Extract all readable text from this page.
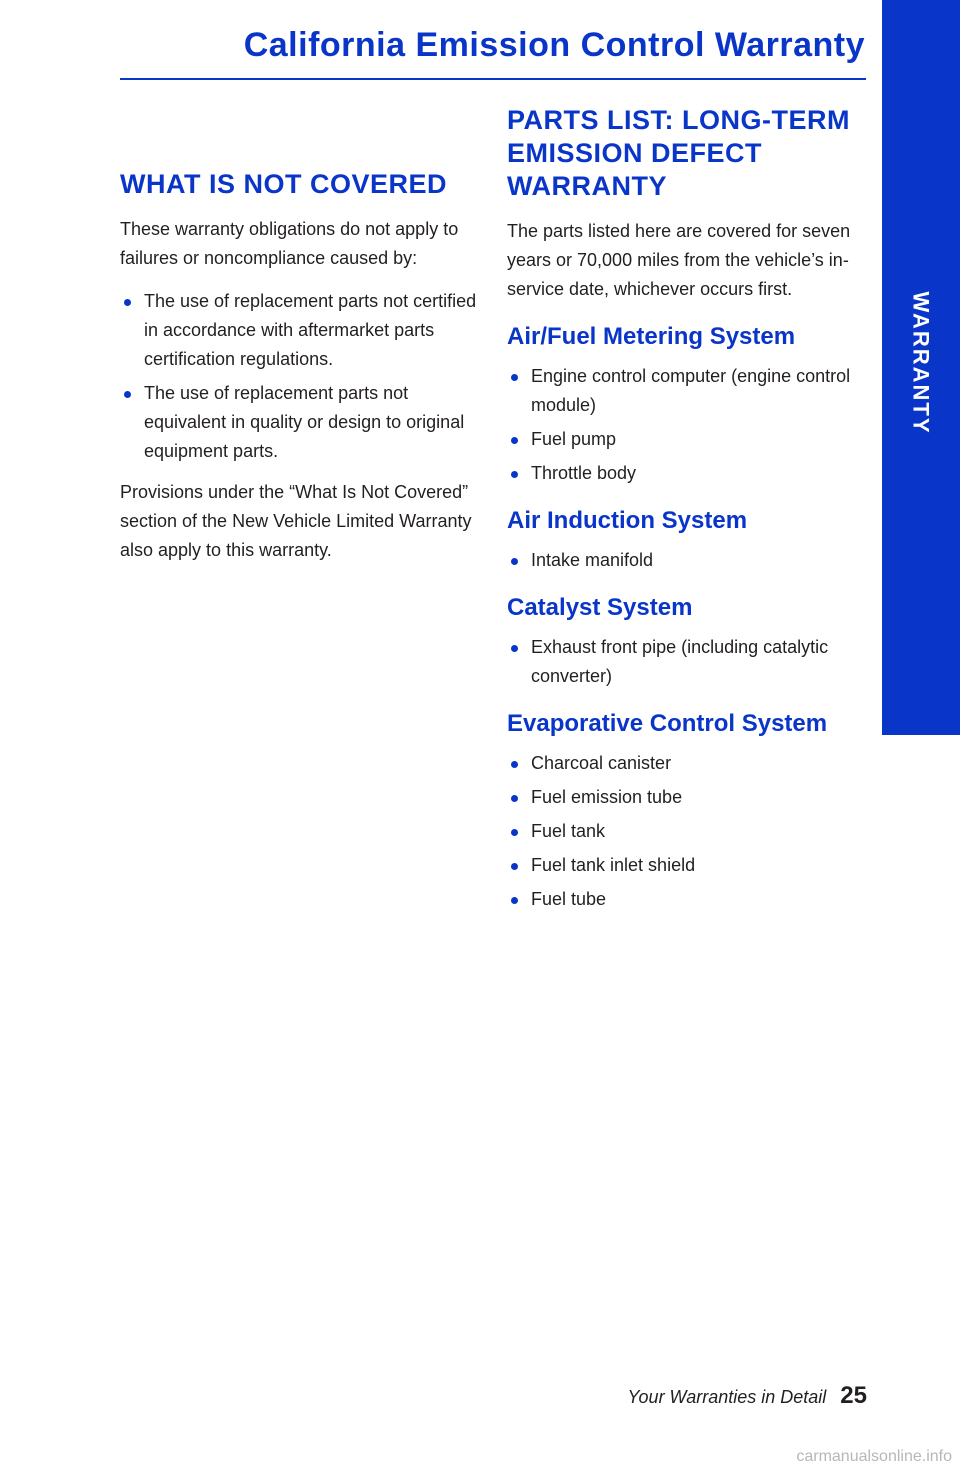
WARRANTY
California Emission Control Warranty
WHAT IS NOT COVERED

These warranty obligations do not apply to failures or noncompliance caused by:

The use of replacement parts not certified in accordance with aftermarket parts certification regulations.
The use of replacement parts not equivalent in quality or design to original equipment parts.

Provisions under the “What Is Not Covered” section of the New Vehicle Limited Warranty also apply to this warranty.

PARTS LIST: LONG-TERM EMISSION DEFECT WARRANTY

The parts listed here are covered for seven years or 70,000 miles from the vehicle’s in-service date, whichever occurs first.

Air/Fuel Metering System
Engine control computer (engine control module)
Fuel pump
Throttle body
Air Induction System
Intake manifold
Catalyst System
Exhaust front pipe (including catalytic converter)
Evaporative Control System
Charcoal canister
Fuel emission tube
Fuel tank
Fuel tank inlet shield
Fuel tube
Your Warranties in Detail 25
carmanualsonline.info
